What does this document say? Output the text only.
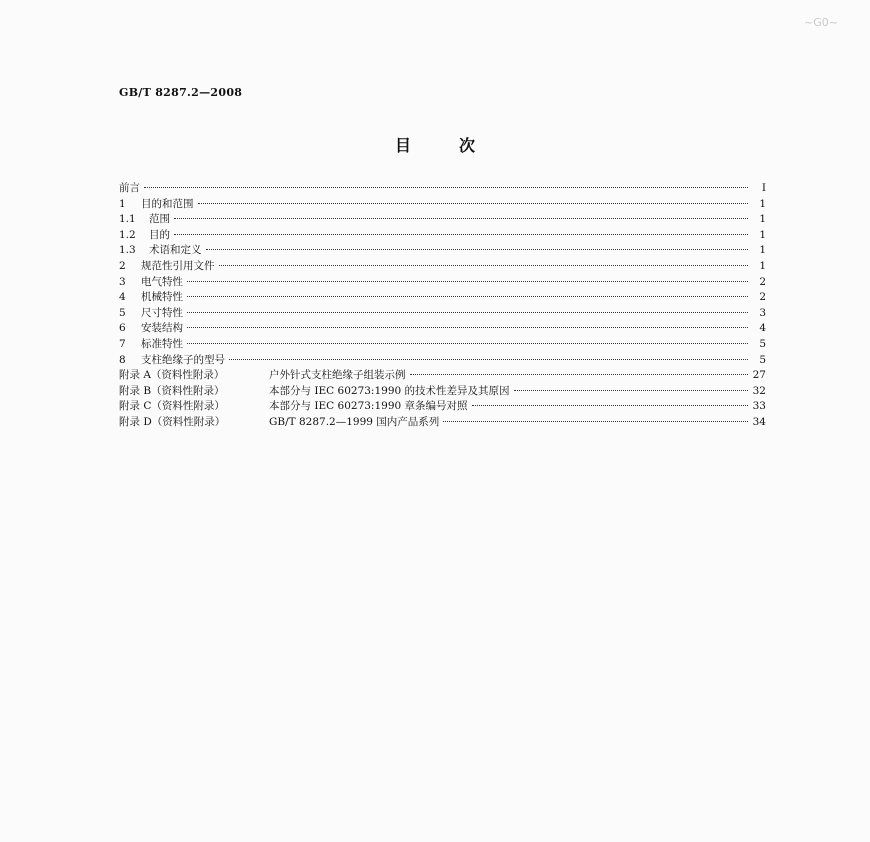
~G0~
GB/T 8287.2—2008
目次
前言	I
1	目的和范围	1
1.1	范围	1
1.2	目的	1
1.3	术语和定义	1
2	规范性引用文件	1
3	电气特性	2
4	机械特性	2
5	尺寸特性	3
6	安装结构	4
7	标准特性	5
8	支柱绝缘子的型号	5
附录 A（资料性附录）	户外针式支柱绝缘子组装示例	27
附录 B（资料性附录）	本部分与 IEC 60273:1990 的技术性差异及其原因	32
附录 C（资料性附录）	本部分与 IEC 60273:1990 章条编号对照	33
附录 D（资料性附录）	GB/T 8287.2—1999 国内产品系列	34
